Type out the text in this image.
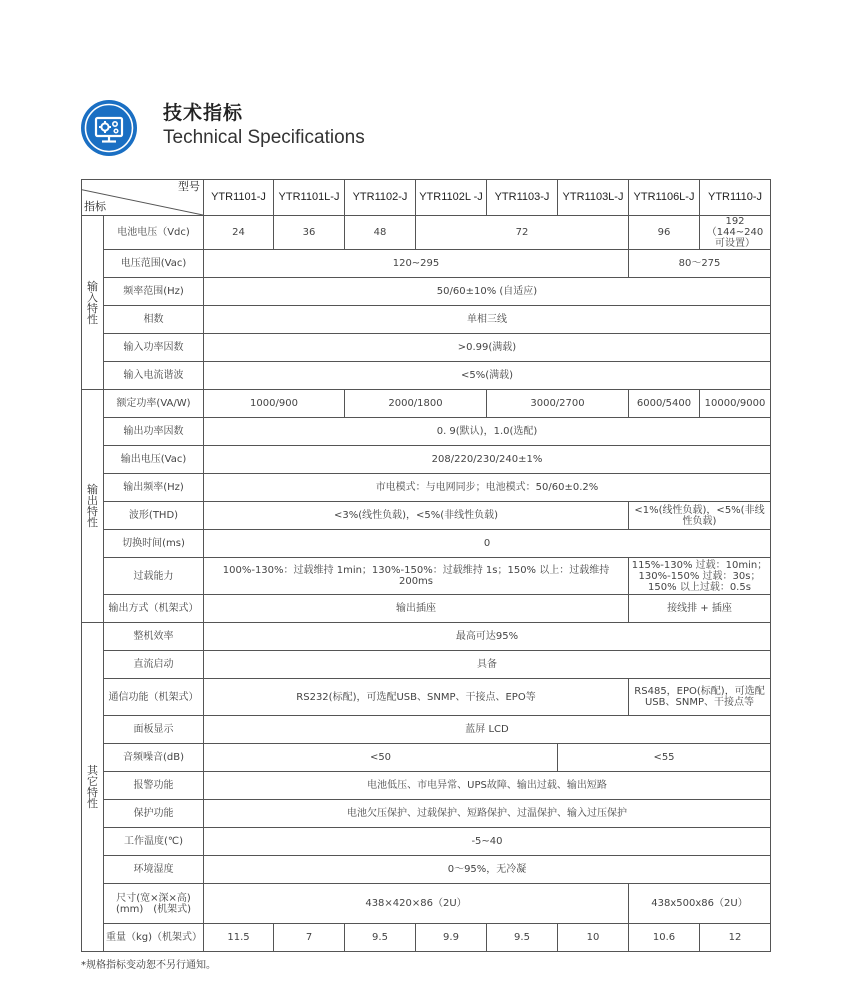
技术指标
Technical Specifications
型号
指标		YTR1101-J	YTR1101L-J	YTR1102-J	YTR1102L -J	YTR1103-J	YTR1103L-J	YTR1106L-J	YTR1110-J
输
入
特
性	电池电压（Vdc)	24	36	48	72			96	192（144~240可设置）
	电压范围(Vac)	120~295						80～275	
	频率范围(Hz)	50/60±10% (自适应)							
	相数	单相三线							
	输入功率因数	>0.99(满载)							
	输入电流谐波	<5%(满载)							
输
出
特
性	额定功率(VA/W)	1000/900		2000/1800		3000/2700		6000/5400	10000/9000
	输出功率因数	0. 9(默认)，1.0(选配)							
	输出电压(Vac)	208/220/230/240±1%							
	输出频率(Hz)	市电模式：与电网同步；电池模式：50/60±0.2%							
	波形(THD)	<3%(线性负载)，<5%(非线性负载)						<1%(线性负载)，<5%(非线性负载)	
	切换时间(ms)	0							
	过载能力	100%-130%：过载维持 1min；130%-150%：过载维持 1s；150% 以上：过载维持 200ms						115%-130% 过载：10min；130%-150% 过载：30s；150% 以上过载：0.5s	
	输出方式（机架式）	输出插座						接线排 + 插座	
其
它
特
性	整机效率	最高可达95%							
	直流启动	具备							
	通信功能（机架式）	RS232(标配)，可选配USB、SNMP、干接点、EPO等						RS485，EPO(标配)，可选配USB、SNMP、干接点等	
	面板显示	蓝屏 LCD							
	音频噪音(dB)	<50					<55		
	报警功能	电池低压、市电异常、UPS故障、输出过载、输出短路							
	保护功能	电池欠压保护、过载保护、短路保护、过温保护、输入过压保护							
	工作温度(℃)	-5~40							
	环境湿度	0～95%，无冷凝							
	尺寸(宽×深×高)(mm)　(机架式)	438×420×86（2U）						438x500x86（2U）	
	重量（kg)（机架式）	11.5	7	9.5	9.9	9.5	10	10.6	12
*规格指标变动恕不另行通知。
